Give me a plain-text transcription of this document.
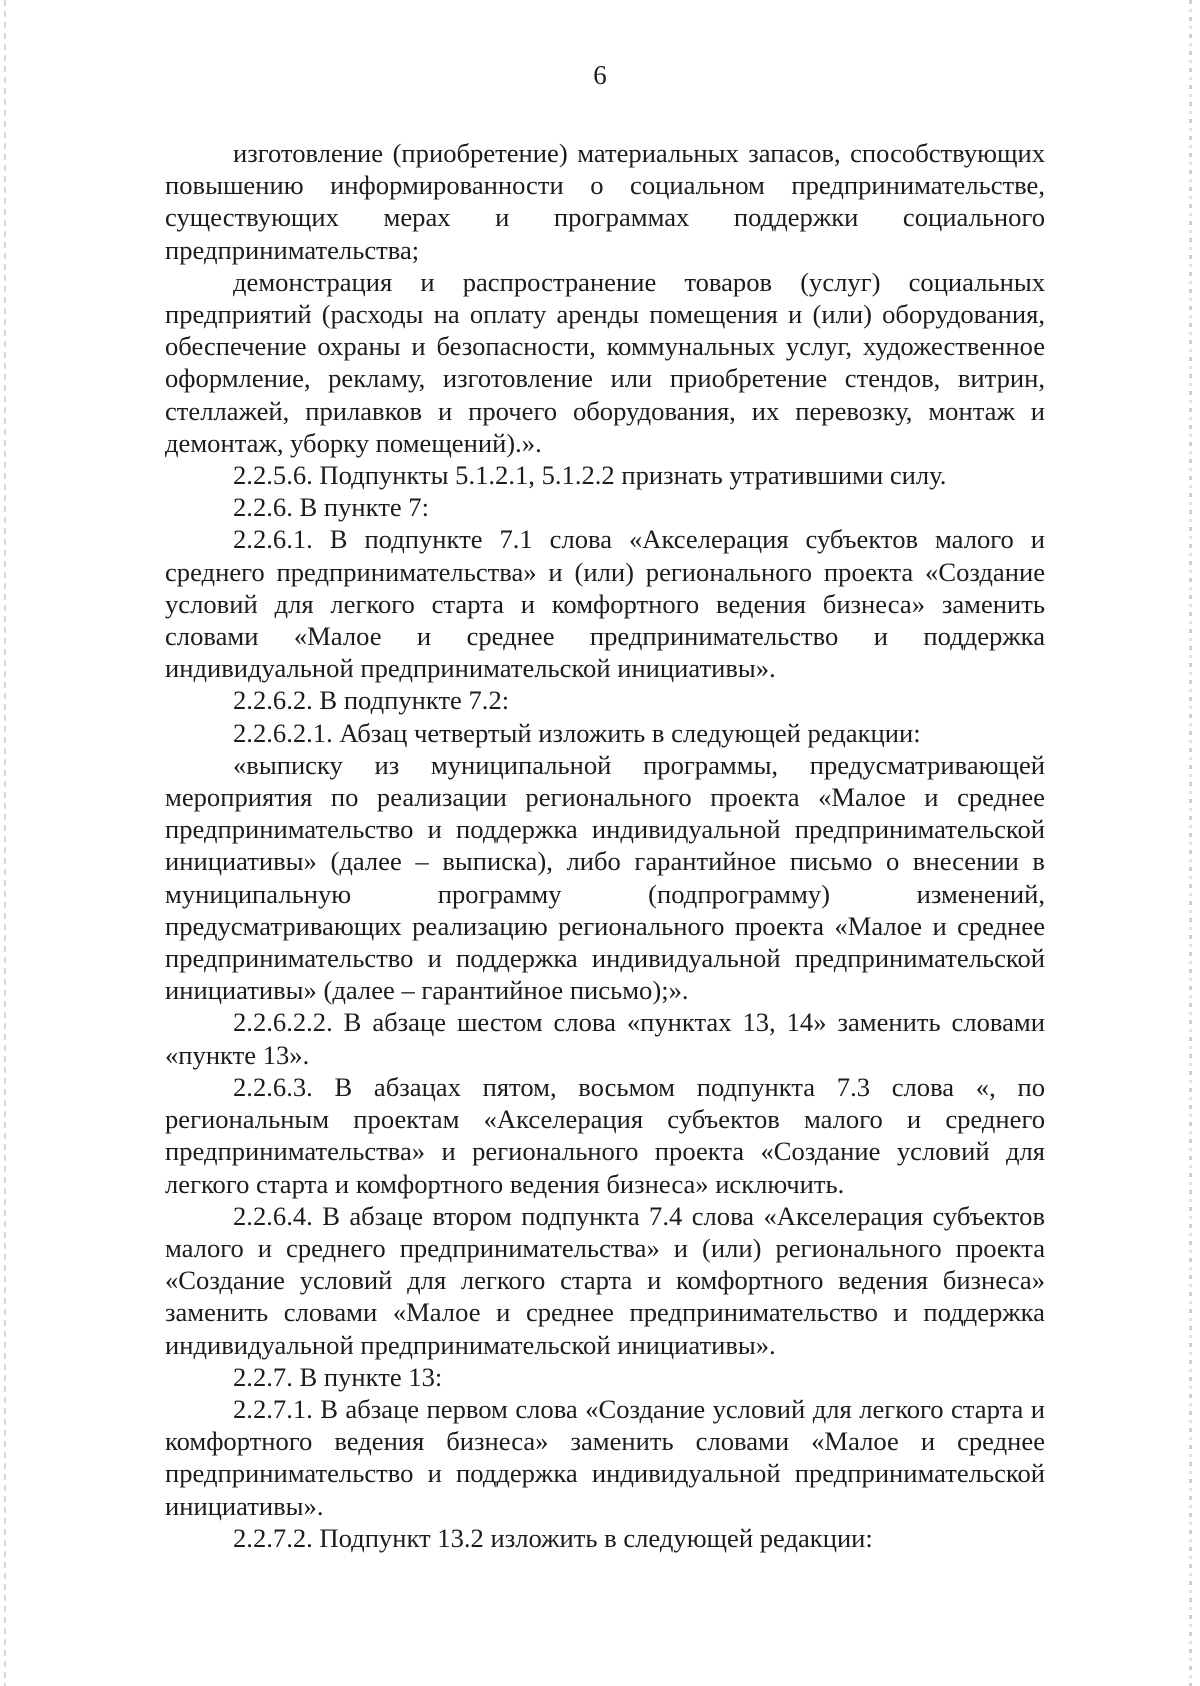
6

изготовление (приобретение) материальных запасов, способствующих повышению информированности о социальном предпринимательстве, существующих мерах и программах поддержки социального предпринимательства;

демонстрация и распространение товаров (услуг) социальных предприятий (расходы на оплату аренды помещения и (или) оборудования, обеспечение охраны и безопасности, коммунальных услуг, художественное оформление, рекламу, изготовление или приобретение стендов, витрин, стеллажей, прилавков и прочего оборудования, их перевозку, монтаж и демонтаж, уборку помещений).».

2.2.5.6. Подпункты 5.1.2.1, 5.1.2.2 признать утратившими силу.

2.2.6. В пункте 7:

2.2.6.1. В подпункте 7.1 слова «Акселерация субъектов малого и среднего предпринимательства» и (или) регионального проекта «Создание условий для легкого старта и комфортного ведения бизнеса» заменить словами «Малое и среднее предпринимательство и поддержка индивидуальной предпринимательской инициативы».

2.2.6.2. В подпункте 7.2:

2.2.6.2.1. Абзац четвертый изложить в следующей редакции:

«выписку из муниципальной программы, предусматривающей мероприятия по реализации регионального проекта «Малое и среднее предпринимательство и поддержка индивидуальной предпринимательской инициативы» (далее – выписка), либо гарантийное письмо о внесении в муниципальную программу (подпрограмму) изменений, предусматривающих реализацию регионального проекта «Малое и среднее предпринимательство и поддержка индивидуальной предпринимательской инициативы» (далее – гарантийное письмо);».

2.2.6.2.2. В абзаце шестом слова «пунктах 13, 14» заменить словами «пункте 13».

2.2.6.3. В абзацах пятом, восьмом подпункта 7.3 слова «, по региональным проектам «Акселерация субъектов малого и среднего предпринимательства» и регионального проекта «Создание условий для легкого старта и комфортного ведения бизнеса» исключить.

2.2.6.4. В абзаце втором подпункта 7.4 слова «Акселерация субъектов малого и среднего предпринимательства» и (или) регионального проекта «Создание условий для легкого старта и комфортного ведения бизнеса» заменить словами «Малое и среднее предпринимательство и поддержка индивидуальной предпринимательской инициативы».

2.2.7. В пункте 13:

2.2.7.1. В абзаце первом слова «Создание условий для легкого старта и комфортного ведения бизнеса» заменить словами «Малое и среднее предпринимательство и поддержка индивидуальной предпринимательской инициативы».

2.2.7.2. Подпункт 13.2 изложить в следующей редакции:
